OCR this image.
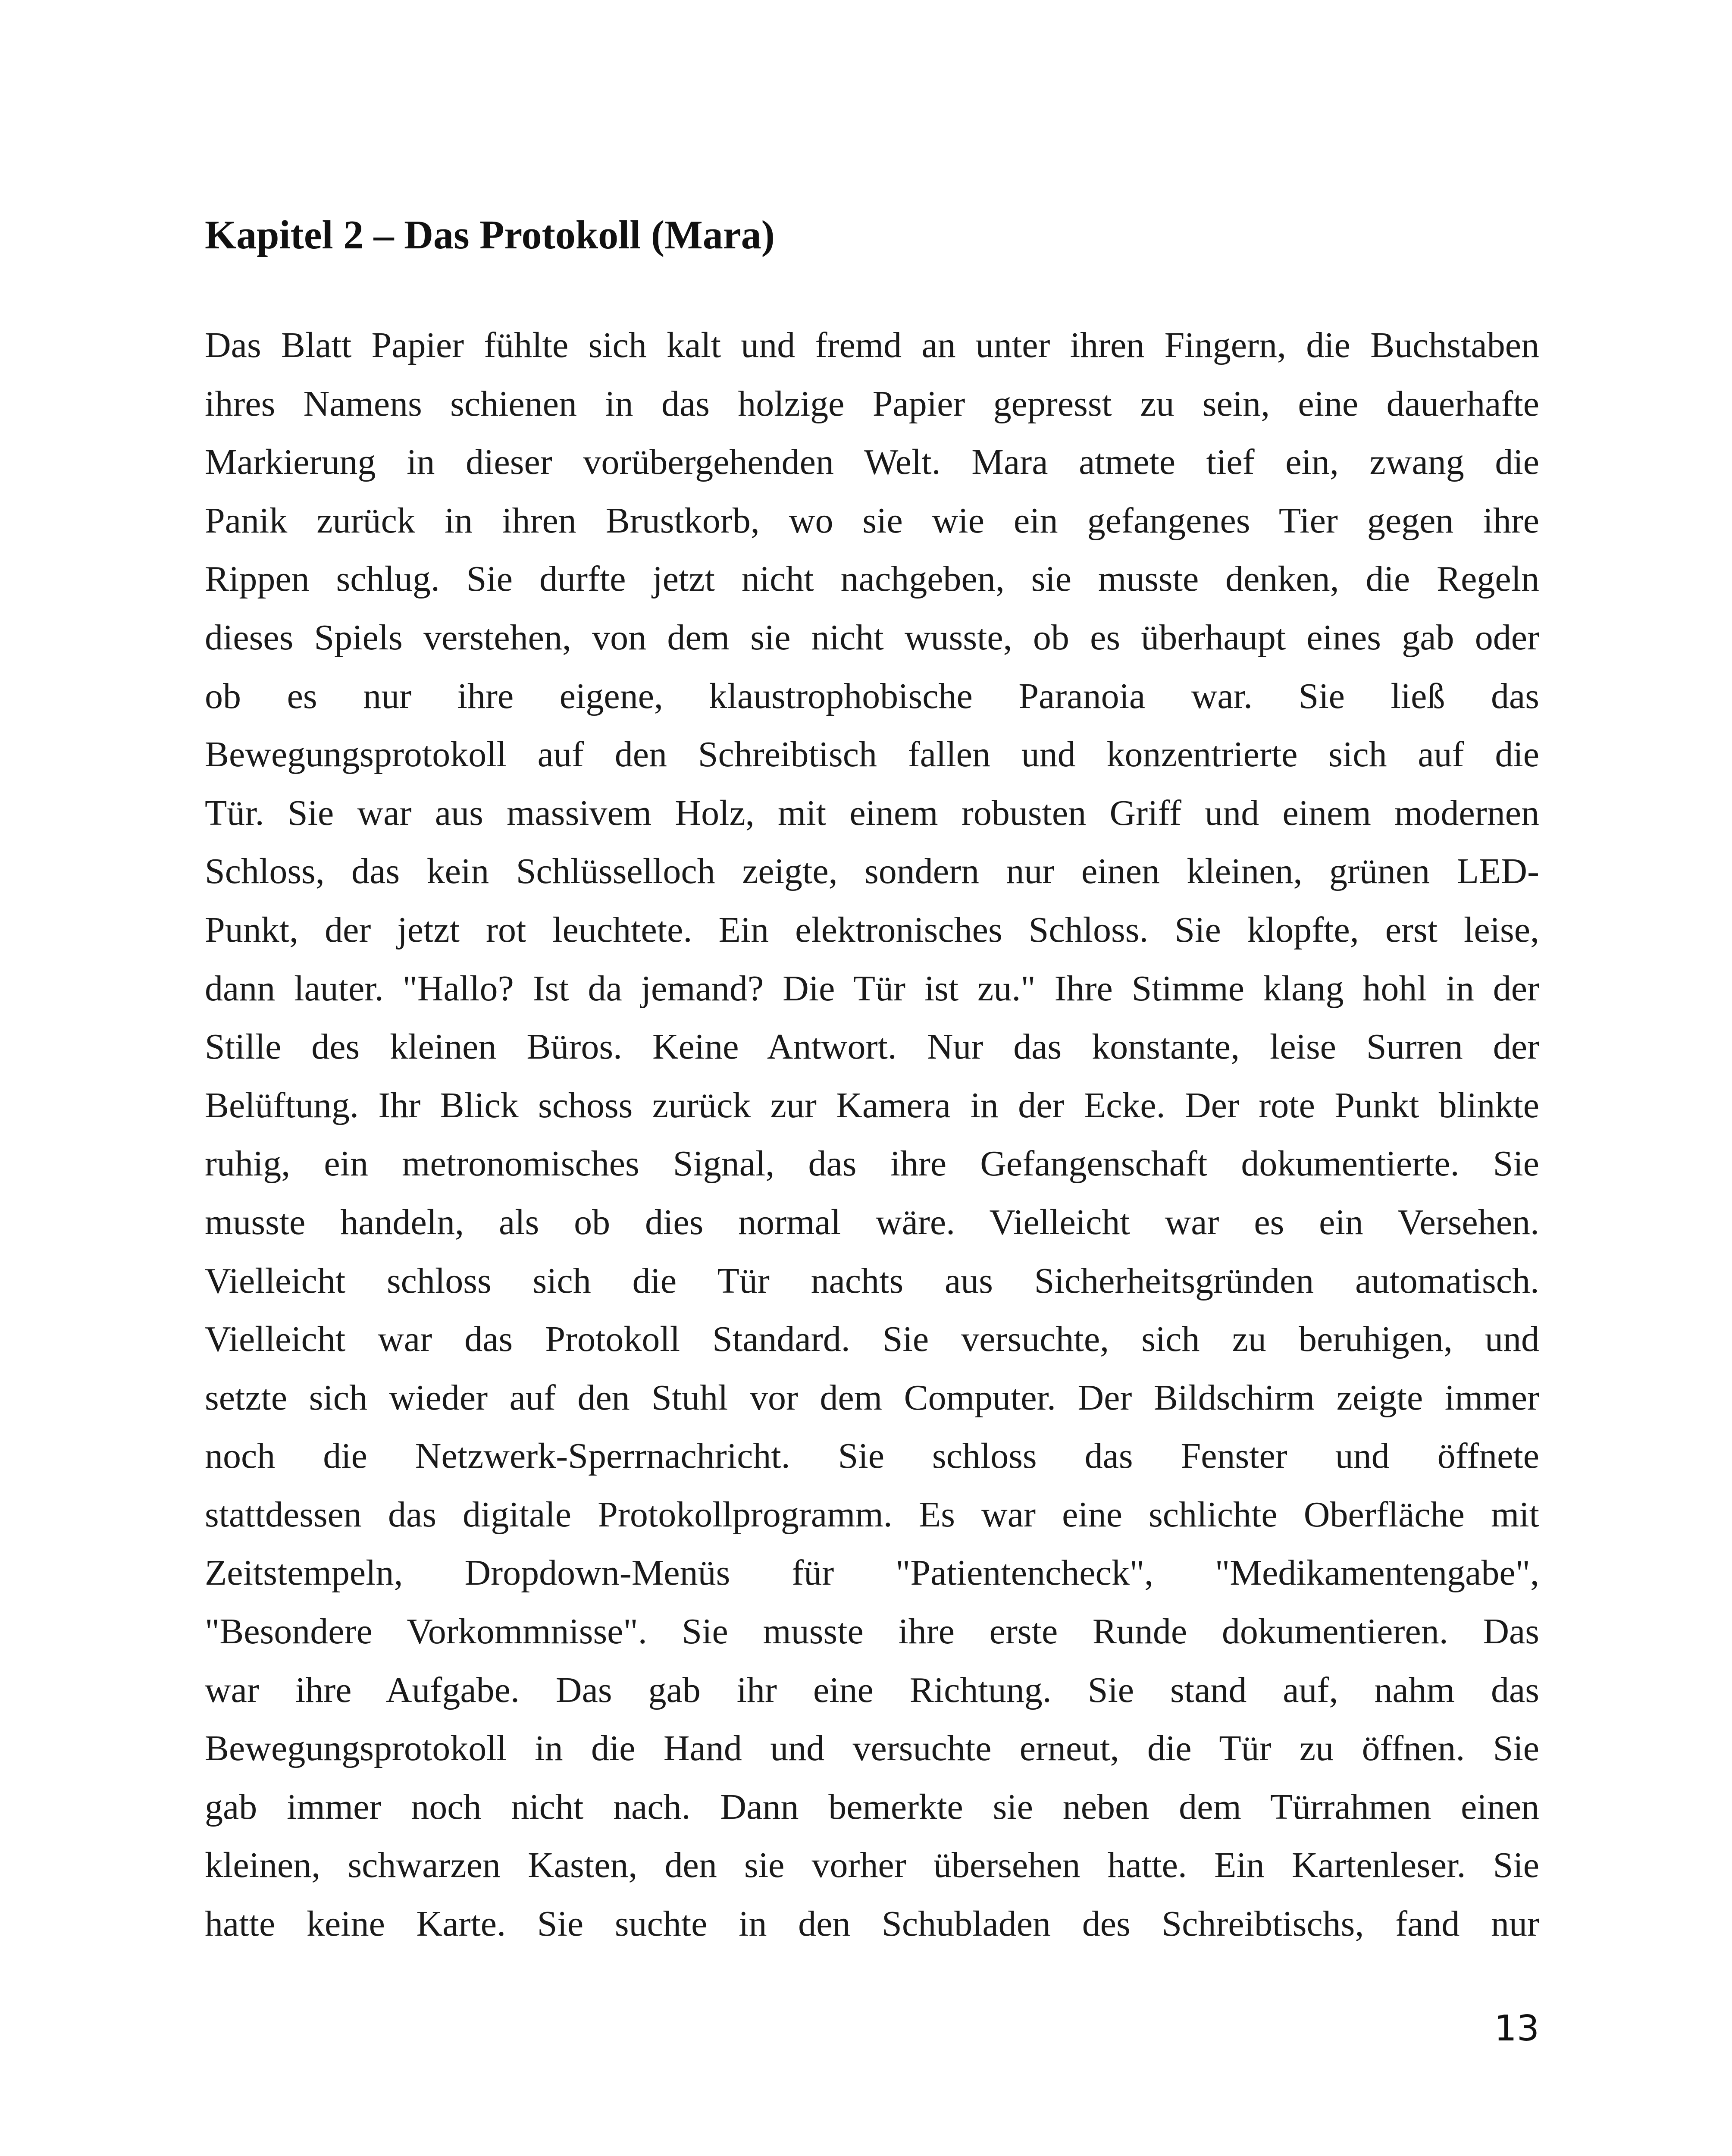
Kapitel 2 – Das Protokoll (Mara)
Das Blatt Papier fühlte sich kalt und fremd an unter ihren Fingern, die Buchstaben
ihres Namens schienen in das holzige Papier gepresst zu sein, eine dauerhafte
Markierung in dieser vorübergehenden Welt. Mara atmete tief ein, zwang die
Panik zurück in ihren Brustkorb, wo sie wie ein gefangenes Tier gegen ihre
Rippen schlug. Sie durfte jetzt nicht nachgeben, sie musste denken, die Regeln
dieses Spiels verstehen, von dem sie nicht wusste, ob es überhaupt eines gab oder
ob es nur ihre eigene, klaustrophobische Paranoia war. Sie ließ das
Bewegungsprotokoll auf den Schreibtisch fallen und konzentrierte sich auf die
Tür. Sie war aus massivem Holz, mit einem robusten Griff und einem modernen
Schloss, das kein Schlüsselloch zeigte, sondern nur einen kleinen, grünen LED-
Punkt, der jetzt rot leuchtete. Ein elektronisches Schloss. Sie klopfte, erst leise,
dann lauter. "Hallo? Ist da jemand? Die Tür ist zu." Ihre Stimme klang hohl in der
Stille des kleinen Büros. Keine Antwort. Nur das konstante, leise Surren der
Belüftung. Ihr Blick schoss zurück zur Kamera in der Ecke. Der rote Punkt blinkte
ruhig, ein metronomisches Signal, das ihre Gefangenschaft dokumentierte. Sie
musste handeln, als ob dies normal wäre. Vielleicht war es ein Versehen.
Vielleicht schloss sich die Tür nachts aus Sicherheitsgründen automatisch.
Vielleicht war das Protokoll Standard. Sie versuchte, sich zu beruhigen, und
setzte sich wieder auf den Stuhl vor dem Computer. Der Bildschirm zeigte immer
noch die Netzwerk-Sperrnachricht. Sie schloss das Fenster und öffnete
stattdessen das digitale Protokollprogramm. Es war eine schlichte Oberfläche mit
Zeitstempeln, Dropdown-Menüs für "Patientencheck", "Medikamentengabe",
"Besondere Vorkommnisse". Sie musste ihre erste Runde dokumentieren. Das
war ihre Aufgabe. Das gab ihr eine Richtung. Sie stand auf, nahm das
Bewegungsprotokoll in die Hand und versuchte erneut, die Tür zu öffnen. Sie
gab immer noch nicht nach. Dann bemerkte sie neben dem Türrahmen einen
kleinen, schwarzen Kasten, den sie vorher übersehen hatte. Ein Kartenleser. Sie
hatte keine Karte. Sie suchte in den Schubladen des Schreibtischs, fand nur
13
